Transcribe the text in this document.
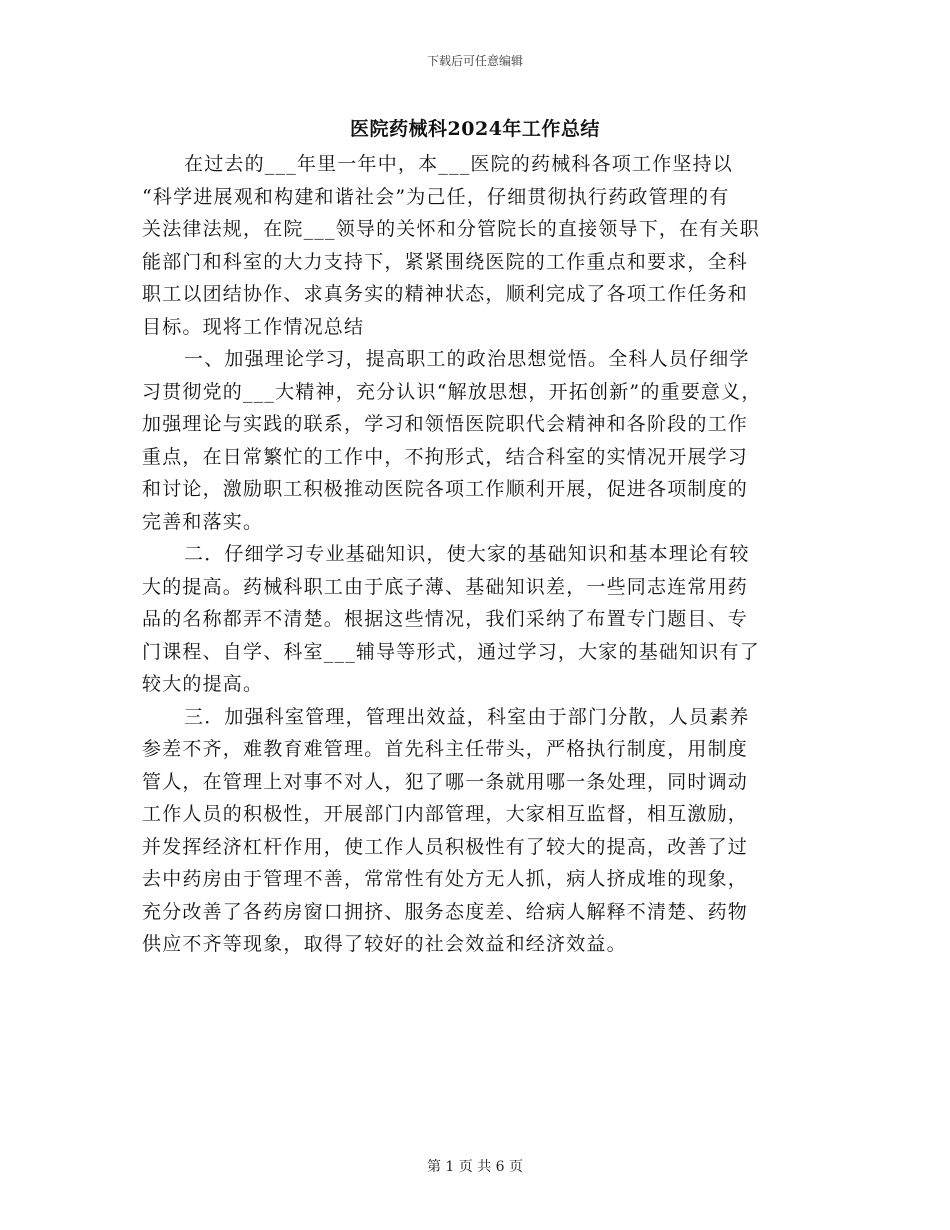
下载后可任意编辑
医院药械科2024年工作总结
在过去的___年里一年中，本___医院的药械科各项工作坚持以
“科学进展观和构建和谐社会”为己任，仔细贯彻执行药政管理的有
关法律法规，在院___领导的关怀和分管院长的直接领导下，在有关职
能部门和科室的大力支持下，紧紧围绕医院的工作重点和要求，全科
职工以团结协作、求真务实的精神状态，顺利完成了各项工作任务和
目标。现将工作情况总结
一、加强理论学习，提高职工的政治思想觉悟。全科人员仔细学
习贯彻党的___大精神，充分认识“解放思想，开拓创新”的重要意义，
加强理论与实践的联系，学习和领悟医院职代会精神和各阶段的工作
重点，在日常繁忙的工作中，不拘形式，结合科室的实情况开展学习
和讨论，激励职工积极推动医院各项工作顺利开展，促进各项制度的
完善和落实。
二．仔细学习专业基础知识，使大家的基础知识和基本理论有较
大的提高。药械科职工由于底子薄、基础知识差，一些同志连常用药
品的名称都弄不清楚。根据这些情况，我们采纳了布置专门题目、专
门课程、自学、科室___辅导等形式，通过学习，大家的基础知识有了
较大的提高。
三．加强科室管理，管理出效益，科室由于部门分散，人员素养
参差不齐，难教育难管理。首先科主任带头，严格执行制度，用制度
管人，在管理上对事不对人，犯了哪一条就用哪一条处理，同时调动
工作人员的积极性，开展部门内部管理，大家相互监督，相互激励，
并发挥经济杠杆作用，使工作人员积极性有了较大的提高，改善了过
去中药房由于管理不善，常常性有处方无人抓，病人挤成堆的现象，
充分改善了各药房窗口拥挤、服务态度差、给病人解释不清楚、药物
供应不齐等现象，取得了较好的社会效益和经济效益。
第 1 页 共 6 页
